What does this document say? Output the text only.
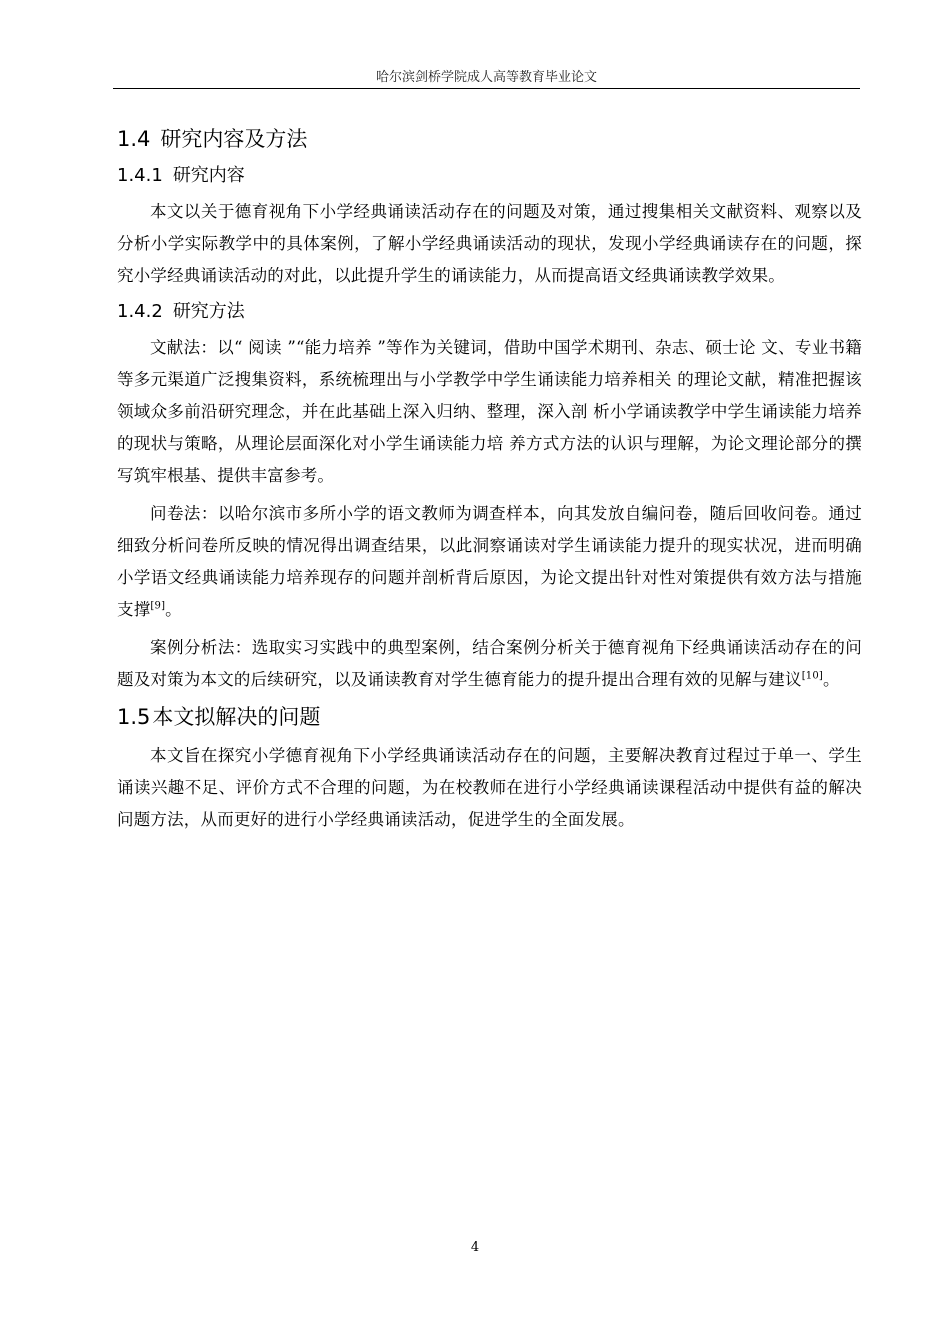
哈尔滨剑桥学院成人高等教育毕业论文
1.4 研究内容及方法
1.4.1 研究内容

本文以关于德育视角下小学经典诵读活动存在的问题及对策，通过搜集相关文献资料、观察以及分析小学实际教学中的具体案例，了解小学经典诵读活动的现状，发现小学经典诵读存在的问题，探究小学经典诵读活动的对此，以此提升学生的诵读能力，从而提高语文经典诵读教学效果。

1.4.2 研究方法

文献法：以“ 阅读 ”“能力培养 ”等作为关键词，借助中国学术期刊、杂志、硕士论 文、专业书籍等多元渠道广泛搜集资料，系统梳理出与小学教学中学生诵读能力培养相关 的理论文献，精准把握该领域众多前沿研究理念，并在此基础上深入归纳、整理，深入剖 析小学诵读教学中学生诵读能力培养的现状与策略，从理论层面深化对小学生诵读能力培 养方式方法的认识与理解，为论文理论部分的撰写筑牢根基、提供丰富参考。

问卷法：以哈尔滨市多所小学的语文教师为调查样本，向其发放自编问卷，随后回收问卷。通过细致分析问卷所反映的情况得出调查结果，以此洞察诵读对学生诵读能力提升的现实状况，进而明确小学语文经典诵读能力培养现存的问题并剖析背后原因，为论文提出针对性对策提供有效方法与措施支撑[9]。

案例分析法：选取实习实践中的典型案例，结合案例分析关于德育视角下经典诵读活动存在的问题及对策为本文的后续研究，以及诵读教育对学生德育能力的提升提出合理有效的见解与建议[10]。

1.5本文拟解决的问题

本文旨在探究小学德育视角下小学经典诵读活动存在的问题，主要解决教育过程过于单一、学生诵读兴趣不足、评价方式不合理的问题，为在校教师在进行小学经典诵读课程活动中提供有益的解决问题方法，从而更好的进行小学经典诵读活动，促进学生的全面发展。

4
